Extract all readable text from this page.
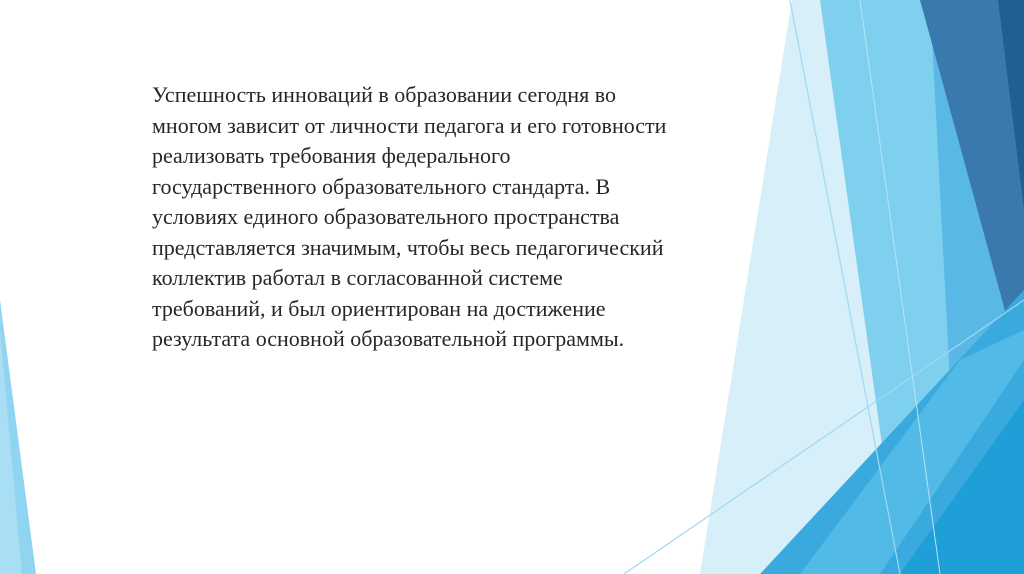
Успешность инноваций в образовании сегодня во
многом зависит от личности педагога и его готовности
реализовать требования федерального
государственного образовательного стандарта. В
условиях единого образовательного пространства
представляется значимым, чтобы весь педагогический
коллектив работал в согласованной системе
требований, и был ориентирован на достижение
результата основной образовательной программы.
